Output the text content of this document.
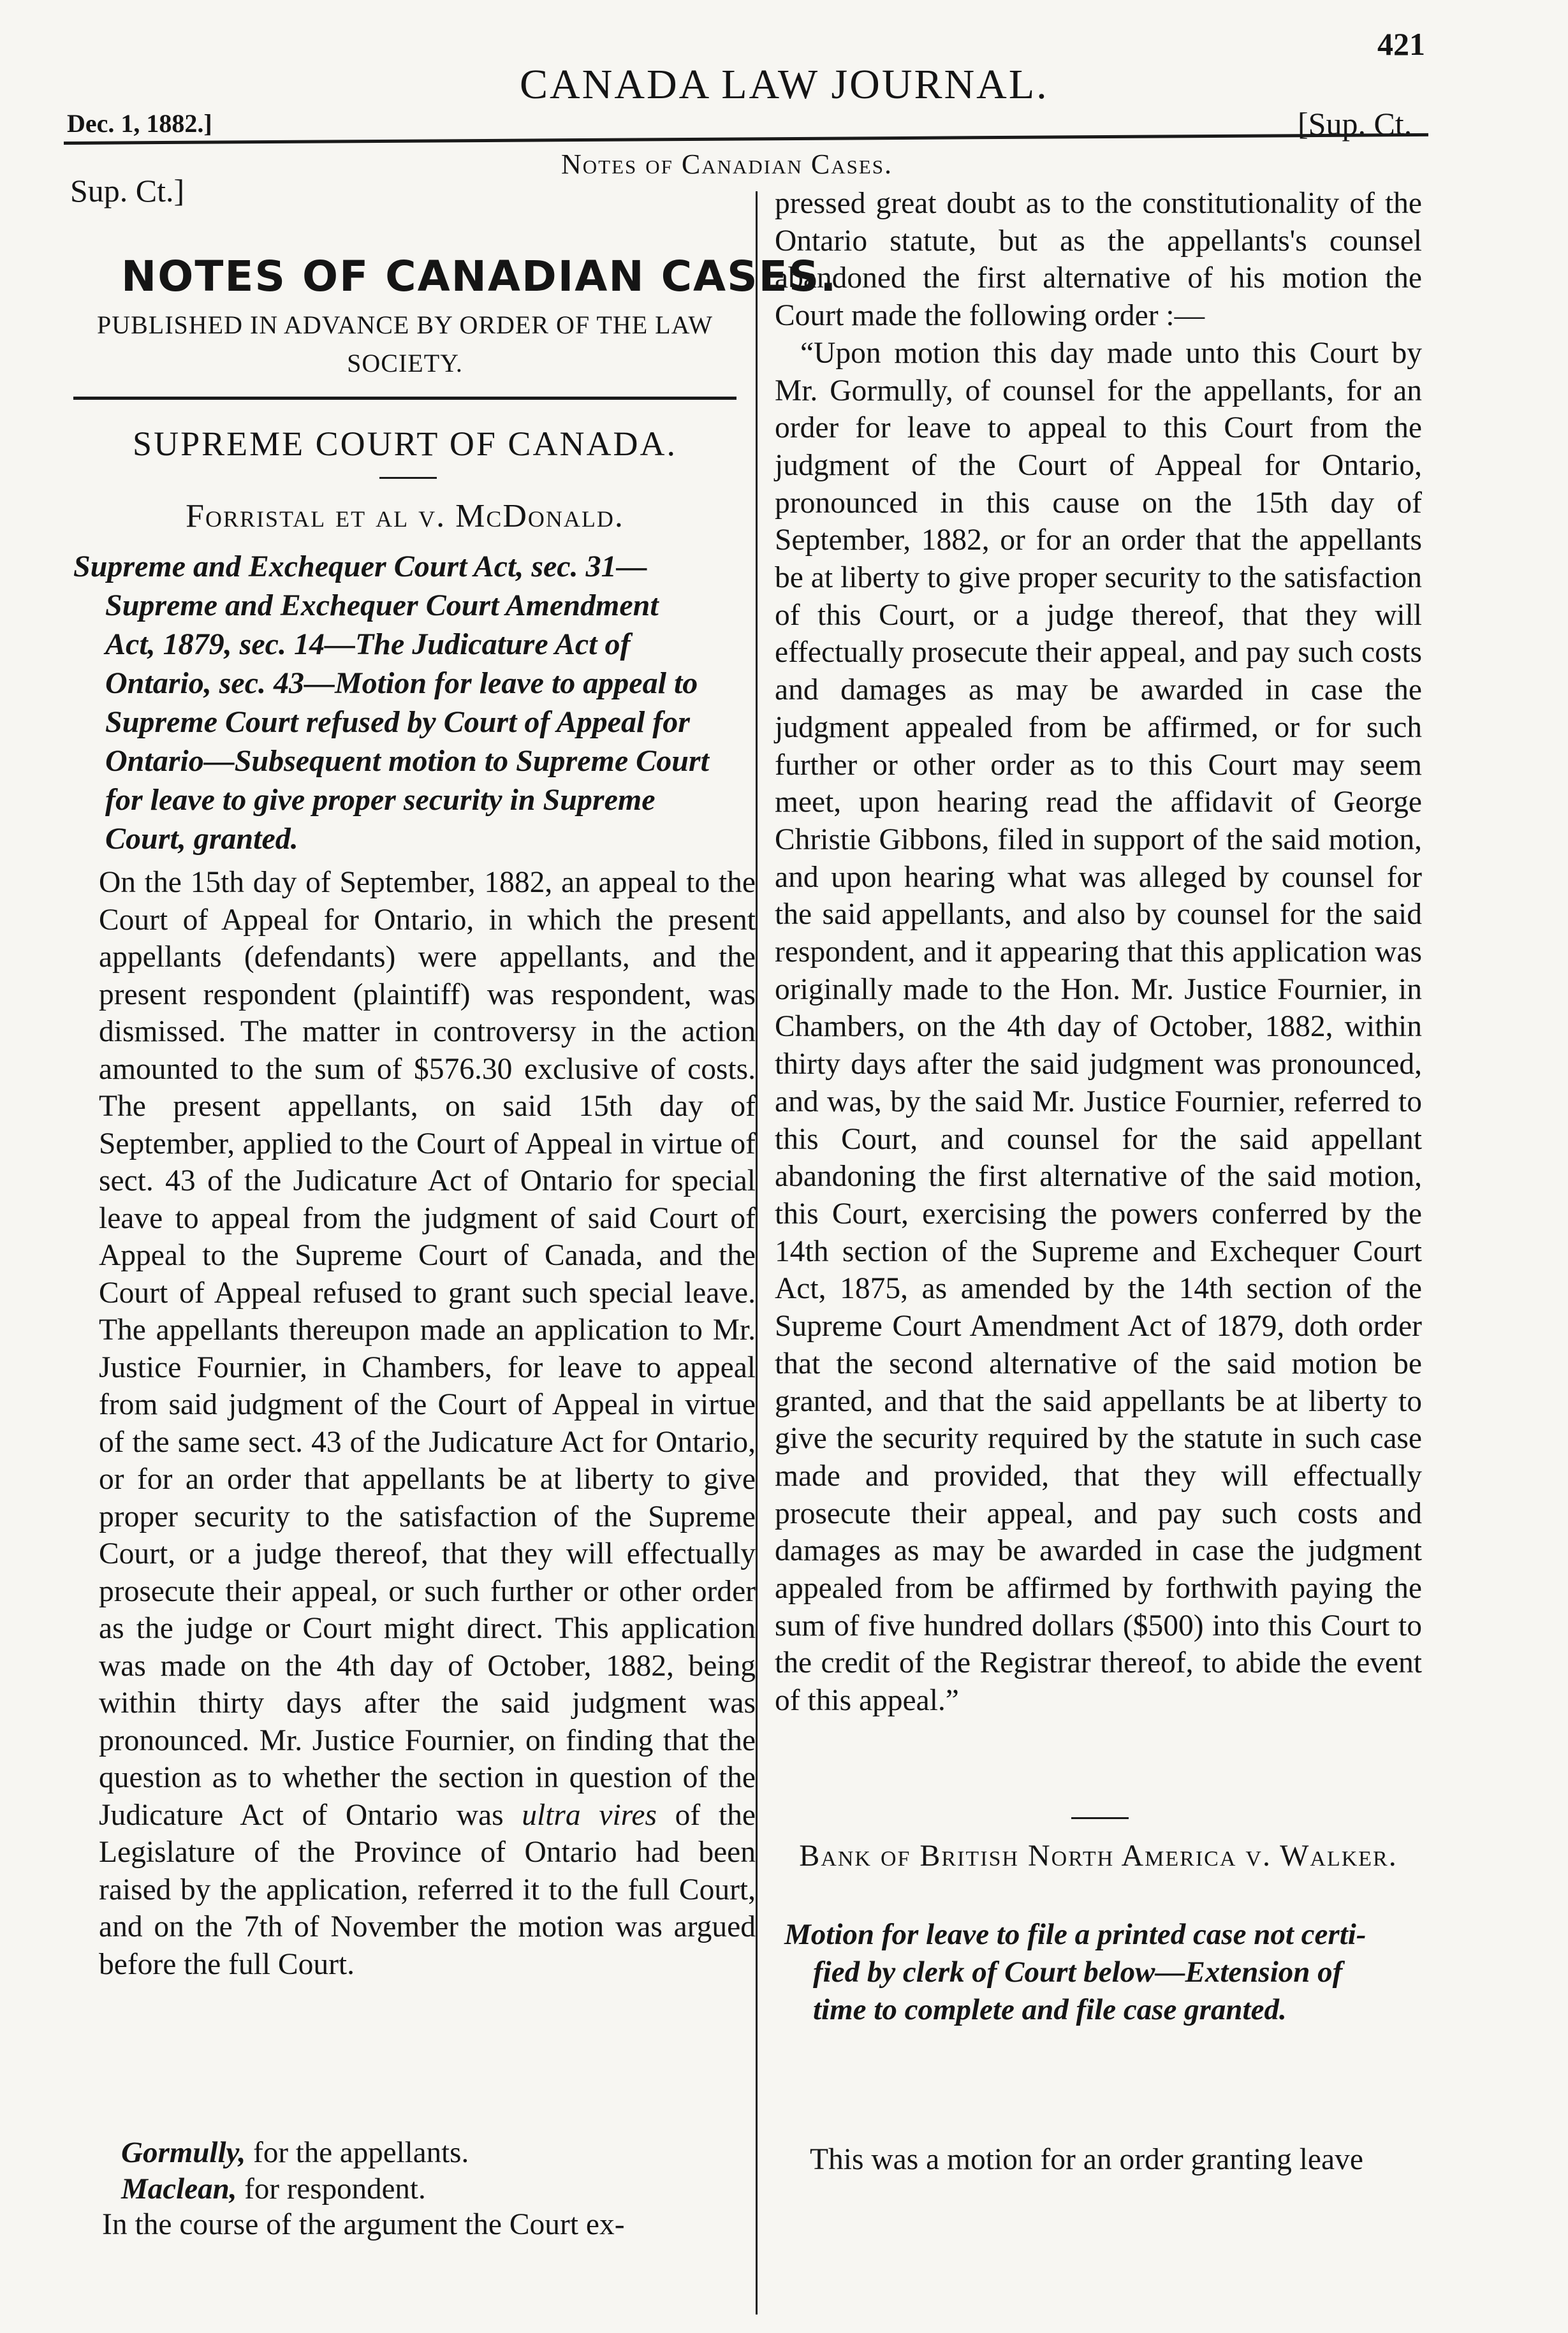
421
CANADA LAW JOURNAL.
Dec. 1, 1882.]	[Sup. Ct.
Notes of Canadian Cases.
Sup. Ct.]
NOTES OF CANADIAN CASES.
PUBLISHED IN ADVANCE BY ORDER OF THE LAW SOCIETY.
SUPREME COURT OF CANADA.
Forristal et al v. McDonald.
Supreme and Exchequer Court Act, sec. 31—
Supreme and Exchequer Court Amendment
Act, 1879, sec. 14—The Judicature Act of
Ontario, sec. 43—Motion for leave to appeal to
Supreme Court refused by Court of Appeal for
Ontario—Subsequent motion to Supreme Court
for leave to give proper security in Supreme
Court, granted.

On the 15th day of September, 1882, an appeal to the Court of Appeal for Ontario, in which the present appellants (defendants) were appellants, and the present respondent (plaintiff) was respondent, was dismissed. The matter in controversy in the action amounted to the sum of $576.30 exclusive of costs. The present appellants, on said 15th day of September, applied to the Court of Appeal in virtue of sect. 43 of the Judicature Act of Ontario for special leave to appeal from the judgment of said Court of Appeal to the Supreme Court of Canada, and the Court of Appeal refused to grant such special leave. The appellants thereupon made an application to Mr. Justice Fournier, in Chambers, for leave to appeal from said judgment of the Court of Appeal in virtue of the same sect. 43 of the Judicature Act for Ontario, or for an order that appellants be at liberty to give proper security to the satisfaction of the Supreme Court, or a judge thereof, that they will effectually prosecute their appeal, or such further or other order as the judge or Court might direct. This application was made on the 4th day of October, 1882, being within thirty days after the said judgment was pronounced. Mr. Justice Fournier, on finding that the question as to whether the section in question of the Judicature Act of Ontario was ultra vires of the Legislature of the Province of Ontario had been raised by the application, referred it to the full Court, and on the 7th of November the motion was argued before the full Court.

Gormully, for the appellants.
Maclean, for respondent.
In the course of the argument the Court ex-

pressed great doubt as to the constitutionality of the Ontario statute, but as the appellants's counsel abandoned the first alternative of his motion the Court made the following order :—

“Upon motion this day made unto this Court by Mr. Gormully, of counsel for the appellants, for an order for leave to appeal to this Court from the judgment of the Court of Appeal for Ontario, pronounced in this cause on the 15th day of September, 1882, or for an order that the appellants be at liberty to give proper security to the satisfaction of this Court, or a judge thereof, that they will effectually prosecute their appeal, and pay such costs and damages as may be awarded in case the judgment appealed from be affirmed, or for such further or other order as to this Court may seem meet, upon hearing read the affidavit of George Christie Gibbons, filed in support of the said motion, and upon hearing what was alleged by counsel for the said appellants, and also by counsel for the said respondent, and it appearing that this application was originally made to the Hon. Mr. Justice Fournier, in Chambers, on the 4th day of October, 1882, within thirty days after the said judgment was pronounced, and was, by the said Mr. Justice Fournier, referred to this Court, and counsel for the said appellant abandoning the first alternative of the said motion, this Court, exercising the powers conferred by the 14th section of the Supreme and Exchequer Court Act, 1875, as amended by the 14th section of the Supreme Court Amendment Act of 1879, doth order that the second alternative of the said motion be granted, and that the said appellants be at liberty to give the security required by the statute in such case made and provided, that they will effectually prosecute their appeal, and pay such costs and damages as may be awarded in case the judgment appealed from be affirmed by forthwith paying the sum of five hundred dollars ($500) into this Court to the credit of the Registrar thereof, to abide the event of this appeal.”

Bank of British North America v. Walker.
Motion for leave to file a printed case not certi-
fied by clerk of Court below—Extension of
time to complete and file case granted.
This was a motion for an order granting leave
